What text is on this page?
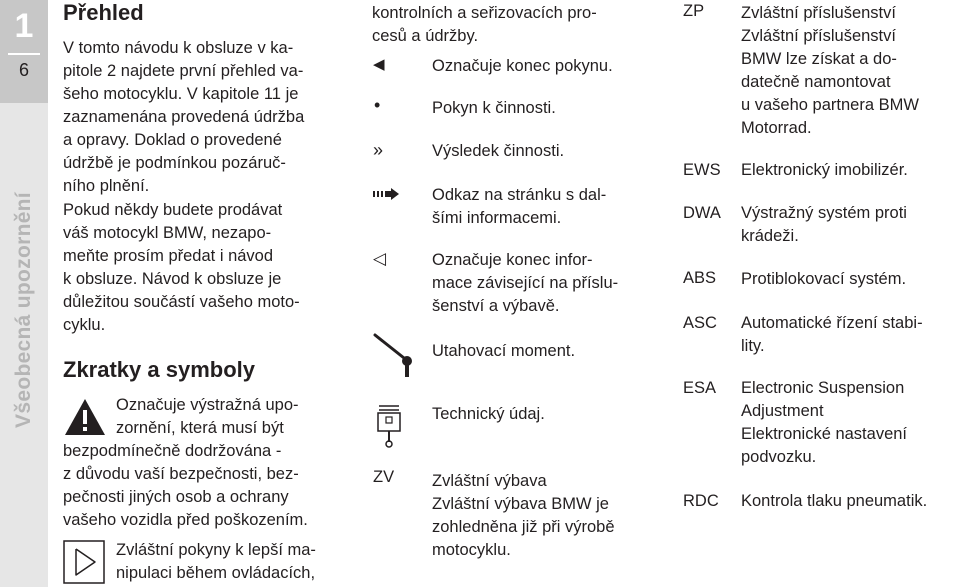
1
6
Všeobecná upozornění
Přehled
V tomto návodu k obsluze v ka-
pitole 2 najdete první přehled va-
šeho motocyklu. V kapitole 11 je
zaznamenána provedená údržba
a opravy. Doklad o provedené
údržbě je podmínkou pozáruč-
ního plnění.
Pokud někdy budete prodávat
váš motocykl BMW, nezapo-
meňte prosím předat i návod
k obsluze. Návod k obsluze je
důležitou součástí vašeho moto-
cyklu.
Zkratky a symboly
Označuje výstražná upo-
zornění, která musí být
bezpodmínečně dodržována -
z důvodu vaší bezpečnosti, bez-
pečnosti jiných osob a ochrany
vašeho vozidla před poškozením.
Zvláštní pokyny k lepší ma-
nipulaci během ovládacích,
kontrolních a seřizovacích pro-
cesů a údržby.
◀
•
»
◁
ZV
Označuje konec pokynu.
Pokyn k činnosti.
Výsledek činnosti.
Odkaz na stránku s dal-
šími informacemi.
Označuje konec infor-
mace závisející na příslu-
šenství a výbavě.
Utahovací moment.
Technický údaj.
Zvláštní výbava
Zvláštní výbava BMW je
zohledněna již při výrobě
motocyklu.
ZP Zvláštní příslušenství
Zvláštní příslušenství
BMW lze získat a do-
datečně namontovat
u vašeho partnera BMW
Motorrad.
EWS Elektronický imobilizér.
DWA Výstražný systém proti
krádeži.
ABS Protiblokovací systém.
ASC Automatické řízení stabi-
lity.
ESA Electronic Suspension
Adjustment
Elektronické nastavení
podvozku.
RDC Kontrola tlaku pneumatik.
